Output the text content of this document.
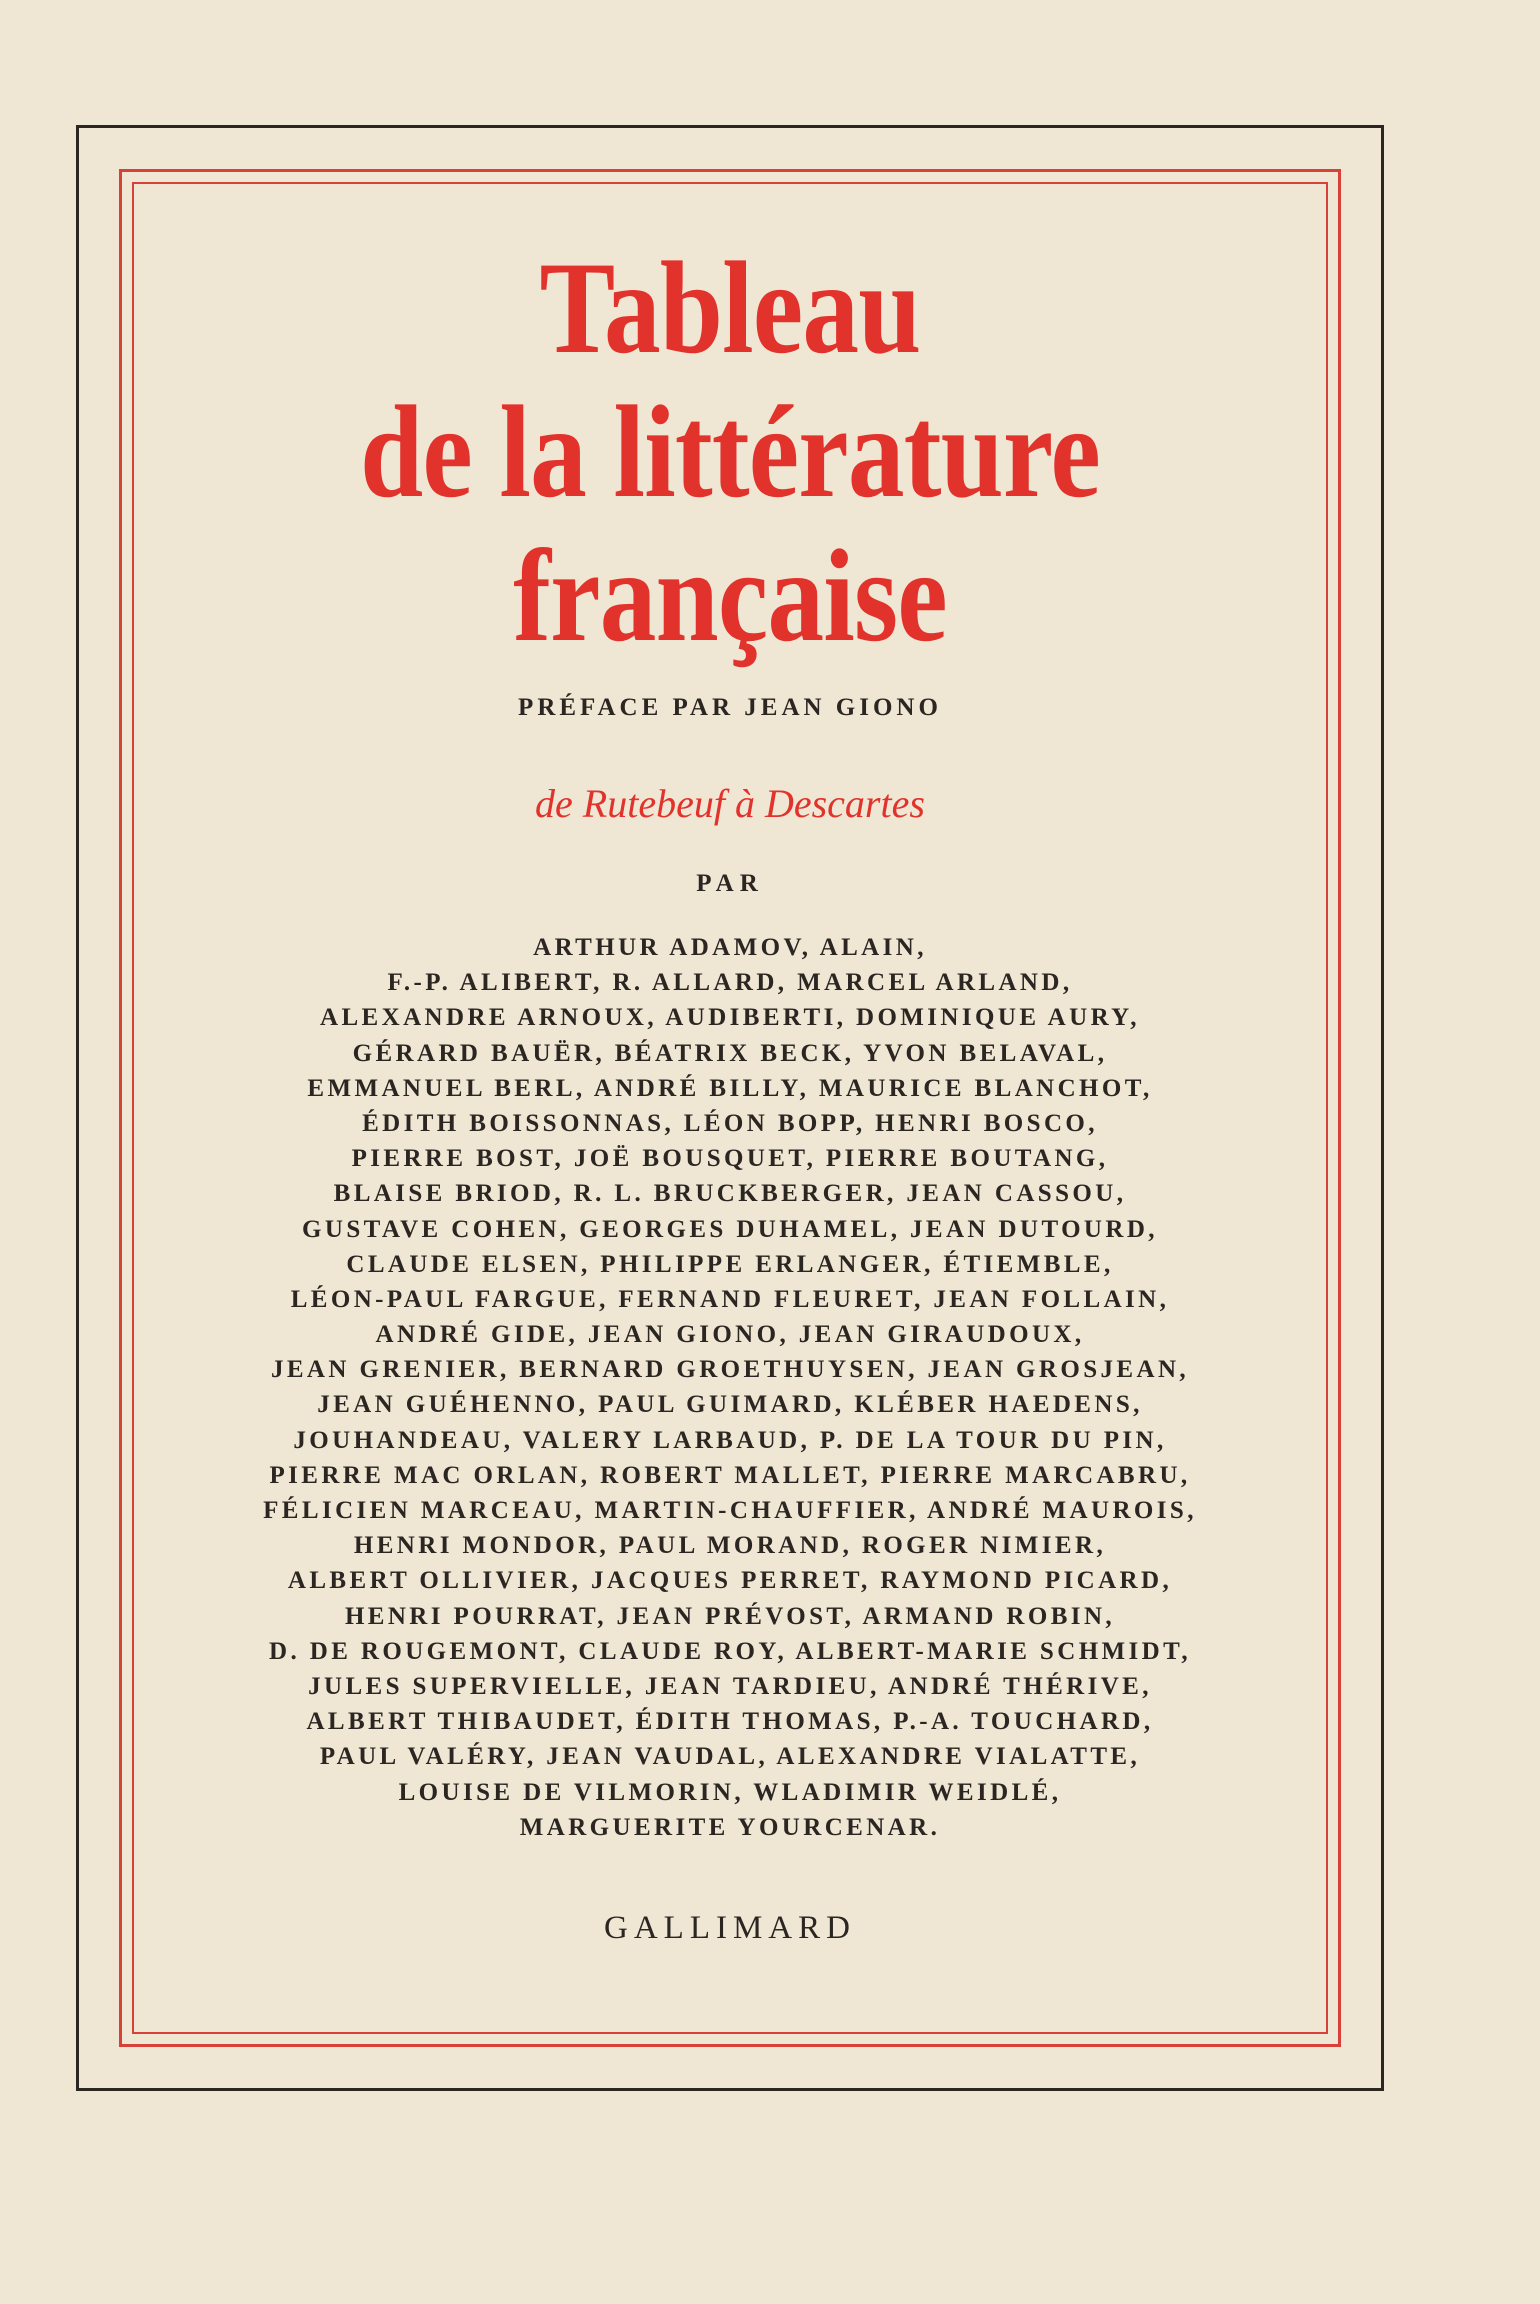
Tableau
de la littérature
française
PRÉFACE PAR JEAN GIONO
de Rutebeuf à Descartes
PAR
ARTHUR ADAMOV, ALAIN,
F.-P. ALIBERT, R. ALLARD, MARCEL ARLAND,
ALEXANDRE ARNOUX, AUDIBERTI, DOMINIQUE AURY,
GÉRARD BAUËR, BÉATRIX BECK, YVON BELAVAL,
EMMANUEL BERL, ANDRÉ BILLY, MAURICE BLANCHOT,
ÉDITH BOISSONNAS, LÉON BOPP, HENRI BOSCO,
PIERRE BOST, JOË BOUSQUET, PIERRE BOUTANG,
BLAISE BRIOD, R. L. BRUCKBERGER, JEAN CASSOU,
GUSTAVE COHEN, GEORGES DUHAMEL, JEAN DUTOURD,
CLAUDE ELSEN, PHILIPPE ERLANGER, ÉTIEMBLE,
LÉON-PAUL FARGUE, FERNAND FLEURET, JEAN FOLLAIN,
ANDRÉ GIDE, JEAN GIONO, JEAN GIRAUDOUX,
JEAN GRENIER, BERNARD GROETHUYSEN, JEAN GROSJEAN,
JEAN GUÉHENNO, PAUL GUIMARD, KLÉBER HAEDENS,
JOUHANDEAU, VALERY LARBAUD, P. DE LA TOUR DU PIN,
PIERRE MAC ORLAN, ROBERT MALLET, PIERRE MARCABRU,
FÉLICIEN MARCEAU, MARTIN-CHAUFFIER, ANDRÉ MAUROIS,
HENRI MONDOR, PAUL MORAND, ROGER NIMIER,
ALBERT OLLIVIER, JACQUES PERRET, RAYMOND PICARD,
HENRI POURRAT, JEAN PRÉVOST, ARMAND ROBIN,
D. DE ROUGEMONT, CLAUDE ROY, ALBERT-MARIE SCHMIDT,
JULES SUPERVIELLE, JEAN TARDIEU, ANDRÉ THÉRIVE,
ALBERT THIBAUDET, ÉDITH THOMAS, P.-A. TOUCHARD,
PAUL VALÉRY, JEAN VAUDAL, ALEXANDRE VIALATTE,
LOUISE DE VILMORIN, WLADIMIR WEIDLÉ,
MARGUERITE YOURCENAR.
GALLIMARD
